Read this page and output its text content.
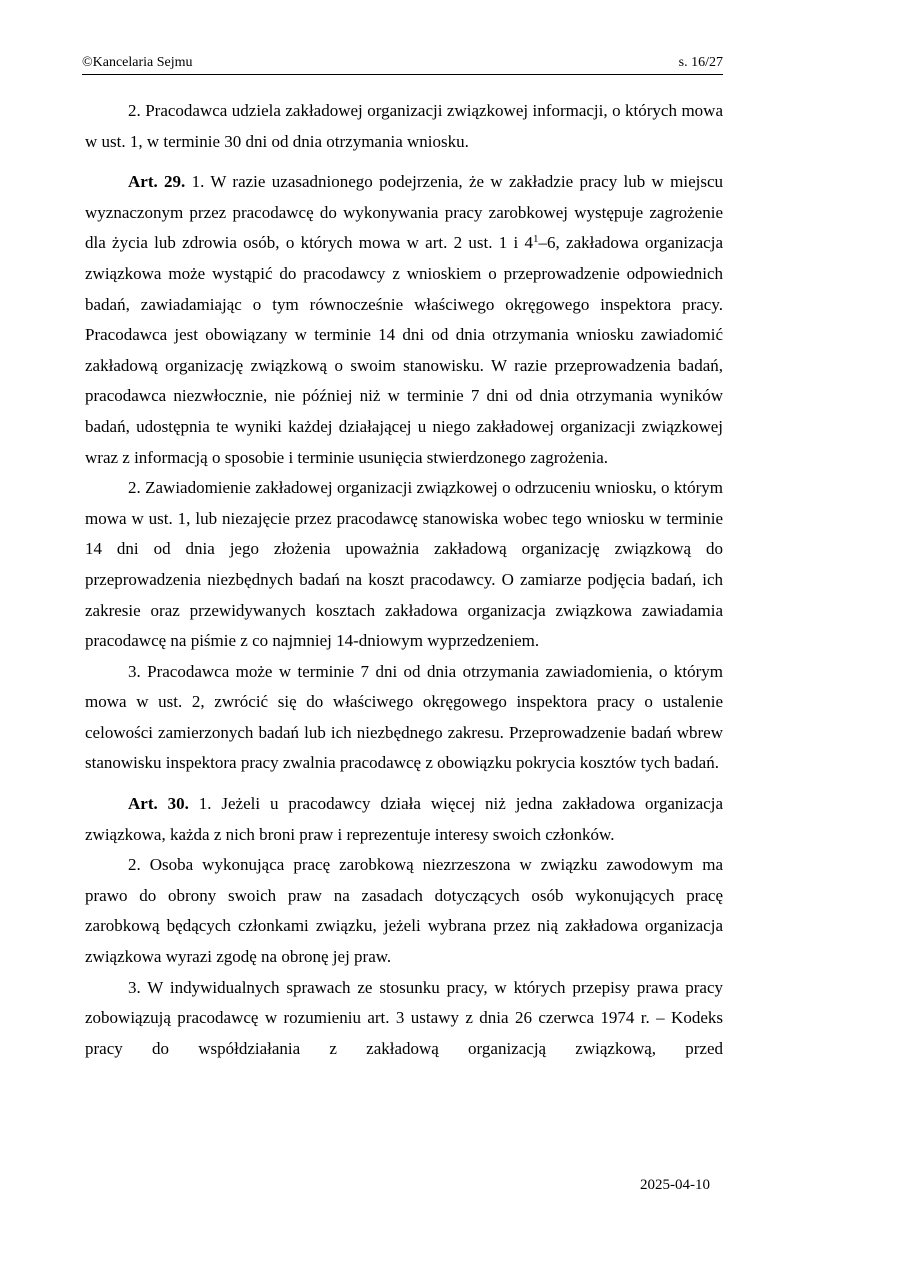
©Kancelaria Sejmu	s. 16/27

2. Pracodawca udziela zakładowej organizacji związkowej informacji, o których mowa w ust. 1, w terminie 30 dni od dnia otrzymania wniosku.

Art. 29. 1. W razie uzasadnionego podejrzenia, że w zakładzie pracy lub w miejscu wyznaczonym przez pracodawcę do wykonywania pracy zarobkowej występuje zagrożenie dla życia lub zdrowia osób, o których mowa w art. 2 ust. 1 i $4^1-6$, zakładowa organizacja związkowa może wystąpić do pracodawcy z wnioskiem o przeprowadzenie odpowiednich badań, zawiadamiając o tym równocześnie właściwego okręgowego inspektora pracy. Pracodawca jest obowiązany w terminie 14 dni od dnia otrzymania wniosku zawiadomić zakładową organizację związkową o swoim stanowisku. W razie przeprowadzenia badań, pracodawca niezwłocznie, nie później niż w terminie 7 dni od dnia otrzymania wyników badań, udostępnia te wyniki każdej działającej u niego zakładowej organizacji związkowej wraz z informacją o sposobie i terminie usunięcia stwierdzonego zagrożenia.

2. Zawiadomienie zakładowej organizacji związkowej o odrzuceniu wniosku, o którym mowa w ust. 1, lub niezajęcie przez pracodawcę stanowiska wobec tego wniosku w terminie 14 dni od dnia jego złożenia upoważnia zakładową organizację związkową do przeprowadzenia niezbędnych badań na koszt pracodawcy. O zamiarze podjęcia badań, ich zakresie oraz przewidywanych kosztach zakładowa organizacja związkowa zawiadamia pracodawcę na piśmie z co najmniej 14-dniowym wyprzedzeniem.

3. Pracodawca może w terminie 7 dni od dnia otrzymania zawiadomienia, o którym mowa w ust. 2, zwrócić się do właściwego okręgowego inspektora pracy o ustalenie celowości zamierzonych badań lub ich niezbędnego zakresu. Przeprowadzenie badań wbrew stanowisku inspektora pracy zwalnia pracodawcę z obowiązku pokrycia kosztów tych badań.

Art. 30. 1. Jeżeli u pracodawcy działa więcej niż jedna zakładowa organizacja związkowa, każda z nich broni praw i reprezentuje interesy swoich członków.

2. Osoba wykonująca pracę zarobkową niezrzeszona w związku zawodowym ma prawo do obrony swoich praw na zasadach dotyczących osób wykonujących pracę zarobkową będących członkami związku, jeżeli wybrana przez nią zakładowa organizacja związkowa wyrazi zgodę na obronę jej praw.

3. W indywidualnych sprawach ze stosunku pracy, w których przepisy prawa pracy zobowiązują pracodawcę w rozumieniu art. 3 ustawy z dnia 26 czerwca 1974 r. – Kodeks pracy do współdziałania z zakładową organizacją związkową, przed

2025-04-10
